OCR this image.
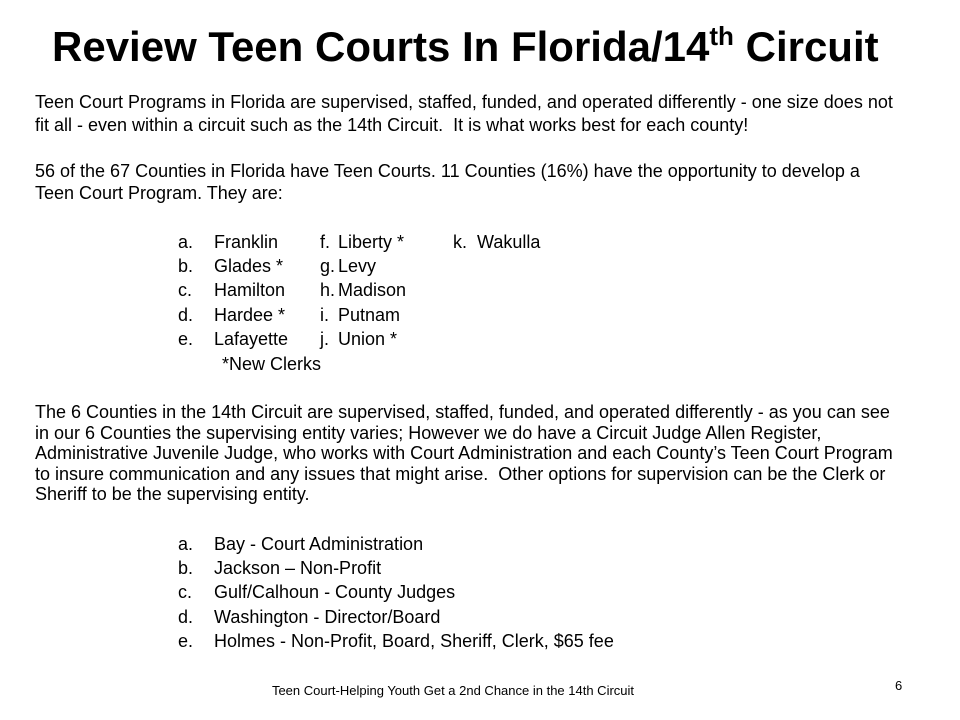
Review Teen Courts In Florida/14th Circuit
Teen Court Programs in Florida are supervised, staffed, funded, and operated differently - one size does not
fit all - even within a circuit such as the 14th Circuit.  It is what works best for each county!
56 of the 67 Counties in Florida have Teen Courts. 11 Counties (16%) have the opportunity to develop a
Teen Court Program. They are:
a. Franklin
b. Glades *
c. Hamilton
d. Hardee *
e. Lafayette
f. Liberty *
g. Levy
h. Madison
i. Putnam
j. Union *
k. Wakulla
*New Clerks
The 6 Counties in the 14th Circuit are supervised, staffed, funded, and operated differently - as you can see
in our 6 Counties the supervising entity varies; However we do have a Circuit Judge Allen Register,
Administrative Juvenile Judge, who works with Court Administration and each County’s Teen Court Program
to insure communication and any issues that might arise.  Other options for supervision can be the Clerk or
Sheriff to be the supervising entity.
a. Bay - Court Administration
b. Jackson – Non-Profit
c. Gulf/Calhoun - County Judges
d. Washington - Director/Board
e. Holmes - Non-Profit, Board, Sheriff, Clerk, $65 fee
Teen Court-Helping Youth Get a 2nd Chance in the 14th Circuit	6
